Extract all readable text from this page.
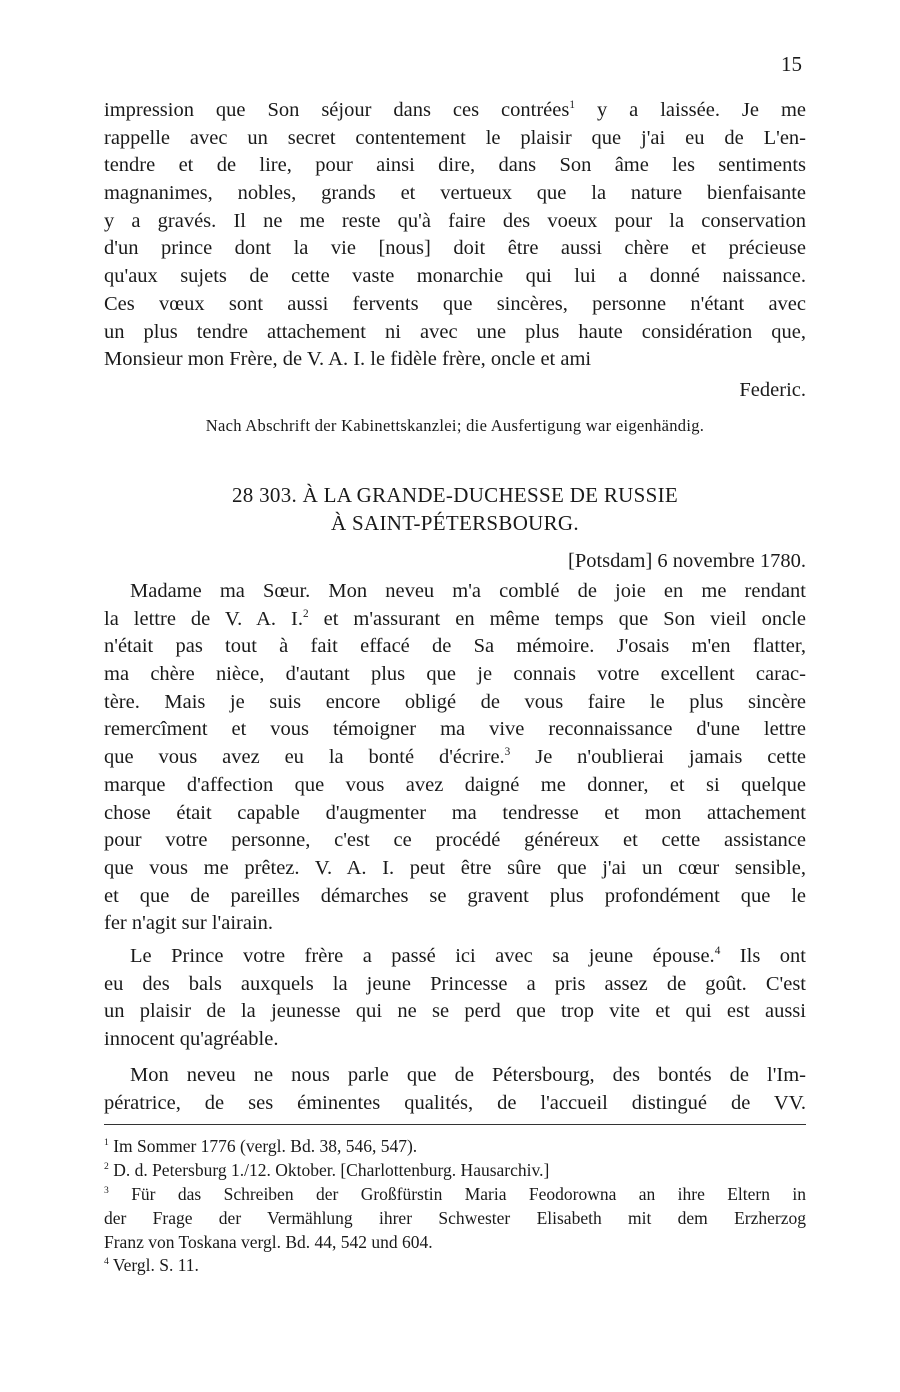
15
impression que Son séjour dans ces contrées$^1$ y a laissée. Je me
rappelle avec un secret contentement le plaisir que j'ai eu de L'en-
tendre et de lire, pour ainsi dire, dans Son âme les sentiments
magnanimes, nobles, grands et vertueux que la nature bienfaisante
y a gravés. Il ne me reste qu'à faire des voeux pour la conservation
d'un prince dont la vie [nous] doit être aussi chère et précieuse
qu'aux sujets de cette vaste monarchie qui lui a donné naissance.
Ces vœux sont aussi fervents que sincères, personne n'étant avec
un plus tendre attachement ni avec une plus haute considération que,
Monsieur mon Frère, de V. A. I. le fidèle frère, oncle et ami
Federic.
Nach Abschrift der Kabinettskanzlei; die Ausfertigung war eigenhändig.
28 303. À LA GRANDE-DUCHESSE DE RUSSIE
À SAINT-PÉTERSBOURG.
[Potsdam] 6 novembre 1780.
Madame ma Sœur. Mon neveu m'a comblé de joie en me rendant
la lettre de V. A. I.$^2$ et m'assurant en même temps que Son vieil oncle
n'était pas tout à fait effacé de Sa mémoire. J'osais m'en flatter,
ma chère nièce, d'autant plus que je connais votre excellent carac-
tère. Mais je suis encore obligé de vous faire le plus sincère
remercîment et vous témoigner ma vive reconnaissance d'une lettre
que vous avez eu la bonté d'écrire.$^3$ Je n'oublierai jamais cette
marque d'affection que vous avez daigné me donner, et si quelque
chose était capable d'augmenter ma tendresse et mon attachement
pour votre personne, c'est ce procédé généreux et cette assistance
que vous me prêtez. V. A. I. peut être sûre que j'ai un cœur sensible,
et que de pareilles démarches se gravent plus profondément que le
fer n'agit sur l'airain.
Le Prince votre frère a passé ici avec sa jeune épouse.$^4$ Ils ont
eu des bals auxquels la jeune Princesse a pris assez de goût. C'est
un plaisir de la jeunesse qui ne se perd que trop vite et qui est aussi
innocent qu'agréable.
Mon neveu ne nous parle que de Pétersbourg, des bontés de l'Im-
pératrice, de ses éminentes qualités, de l'accueil distingué de VV.
$^1$ Im Sommer 1776 (vergl. Bd. 38, 546, 547).
$^2$ D. d. Petersburg 1./12. Oktober. [Charlottenburg. Hausarchiv.]
$^3$ Für das Schreiben der Großfürstin Maria Feodorowna an ihre Eltern in
der Frage der Vermählung ihrer Schwester Elisabeth mit dem Erzherzog
Franz von Toskana vergl. Bd. 44, 542 und 604.
$^4$ Vergl. S. 11.
